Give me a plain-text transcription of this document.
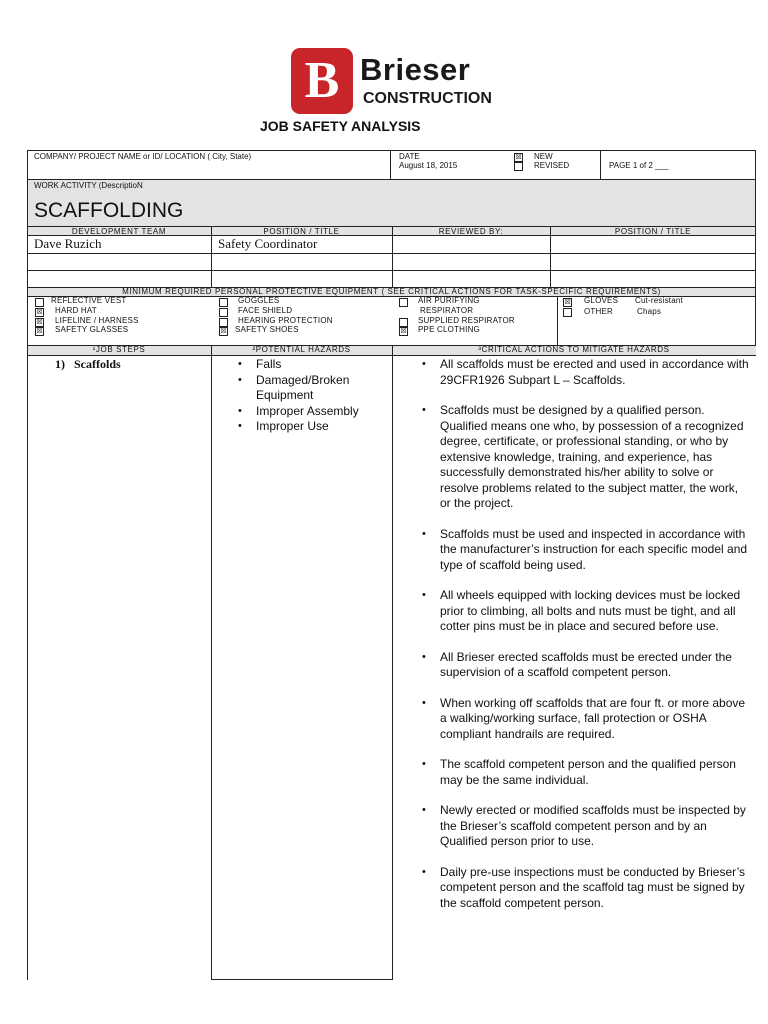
B Brieser
CONSTRUCTION
JOB SAFETY ANALYSIS
COMPANY/ PROJECT NAME or ID/ LOCATION ( City, State)	DATE
August 18, 2015
☒ NEW
REVISED	PAGE 1 of 2 ___
WORK ACTIVITY (DescriptioN
SCAFFOLDING
DEVELOPMENT TEAM	POSITION / TITLE	REVIEWED BY:	POSITION / TITLE
Dave Ruzich	Safety Coordinator
MINIMUM REQUIRED PERSONAL PROTECTIVE EQUIPMENT ( SEE CRITICAL ACTIONS FOR TASK-SPECIFIC REQUIREMENTS)
REFLECTIVE VEST
☒ HARD HAT
☒ LIFELINE / HARNESS
☒ SAFETY GLASSES
GOGGLES
FACE SHIELD
HEARING PROTECTION
☒ SAFETY SHOES
AIR PURIFYING
RESPIRATOR
SUPPLIED RESPIRATOR
☒ PPE CLOTHING
☒ GLOVES Cut-resistant
OTHER	Chaps
¹JOB STEPS	²POTENTIAL HAZARDS	³CRITICAL ACTIONS TO MITIGATE HAZARDS
1)   Scaffolds
•	Falls
• Damaged/Broken Equipment
• Improper Assembly
• Improper Use
• All scaffolds must be erected and used in accordance with 29CFR1926 Subpart L – Scaffolds.
• Scaffolds must be designed by a qualified person. Qualified means one who, by possession of a recognized degree, certificate, or professional standing, or who by extensive knowledge, training, and experience, has successfully demonstrated his/her ability to solve or resolve problems related to the subject matter, the work, or the project.
• Scaffolds must be used and inspected in accordance with the manufacturer’s instruction for each specific model and type of scaffold being used.
• All wheels equipped with locking devices must be locked prior to climbing, all bolts and nuts must be tight, and all cotter pins must be in place and secured before use.
• All Brieser erected scaffolds must be erected under the supervision of a scaffold competent person.
• When working off scaffolds that are four ft. or more above a walking/working surface, fall protection or OSHA compliant handrails are required.
• The scaffold competent person and the qualified person may be the same individual.
• Newly erected or modified scaffolds must be inspected by the Brieser’s scaffold competent person and by an Qualified person prior to use.
• Daily pre-use inspections must be conducted by Brieser’s competent person and the scaffold tag must be signed by the scaffold competent person.
